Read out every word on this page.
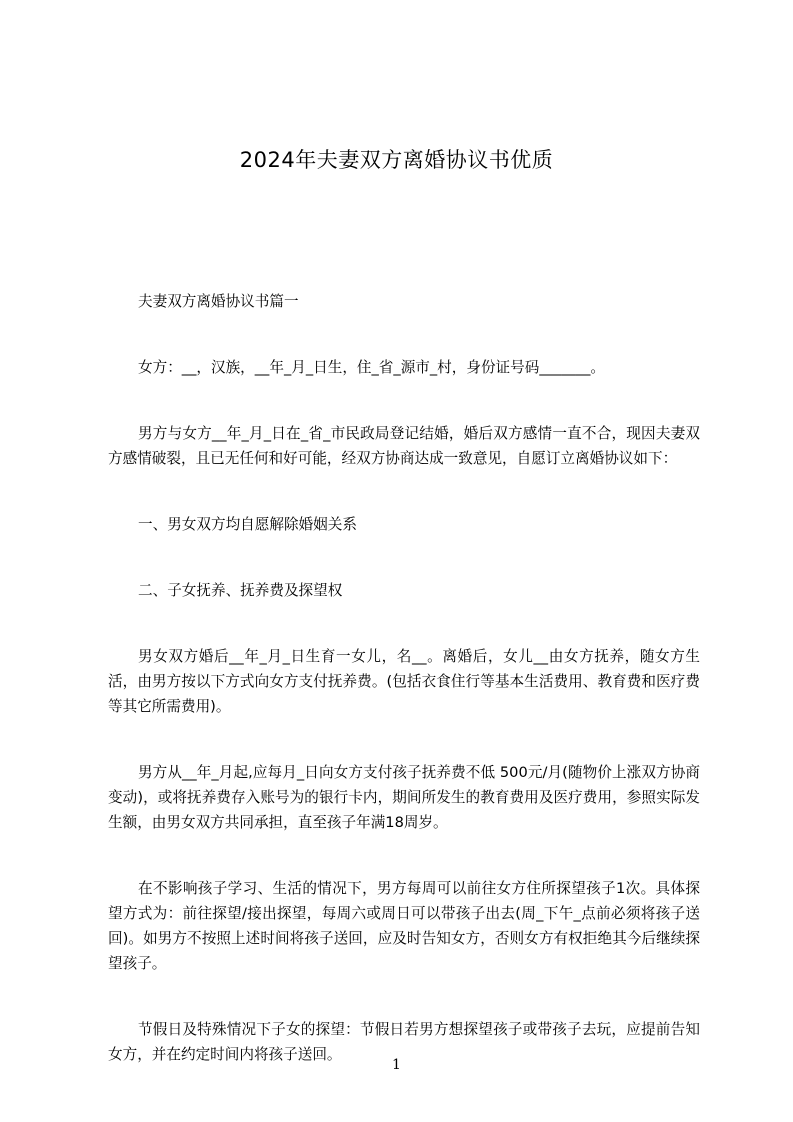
2024年夫妻双方离婚协议书优质

夫妻双方离婚协议书篇一

女方：__，汉族，__年_月_日生，住_省_源市_村，身份证号码_______。

男方与女方__年_月_日在_省_市民政局登记结婚，婚后双方感情一直不合，现因夫妻双方感情破裂，且已无任何和好可能，经双方协商达成一致意见，自愿订立离婚协议如下：

一、男女双方均自愿解除婚姻关系

二、子女抚养、抚养费及探望权

男女双方婚后__年_月_日生育一女儿，名__。离婚后，女儿__由女方抚养，随女方生活，由男方按以下方式向女方支付抚养费。(包括衣食住行等基本生活费用、教育费和医疗费等其它所需费用)。

男方从__年_月起,应每月_日向女方支付孩子抚养费不低 500元/月(随物价上涨双方协商变动)，或将抚养费存入账号为的银行卡内，期间所发生的教育费用及医疗费用，参照实际发生额，由男女双方共同承担，直至孩子年满18周岁。

在不影响孩子学习、生活的情况下，男方每周可以前往女方住所探望孩子1次。具体探望方式为：前往探望/接出探望，每周六或周日可以带孩子出去(周_下午_点前必须将孩子送回)。如男方不按照上述时间将孩子送回，应及时告知女方，否则女方有权拒绝其今后继续探望孩子。

节假日及特殊情况下子女的探望：节假日若男方想探望孩子或带孩子去玩，应提前告知女方，并在约定时间内将孩子送回。

1
